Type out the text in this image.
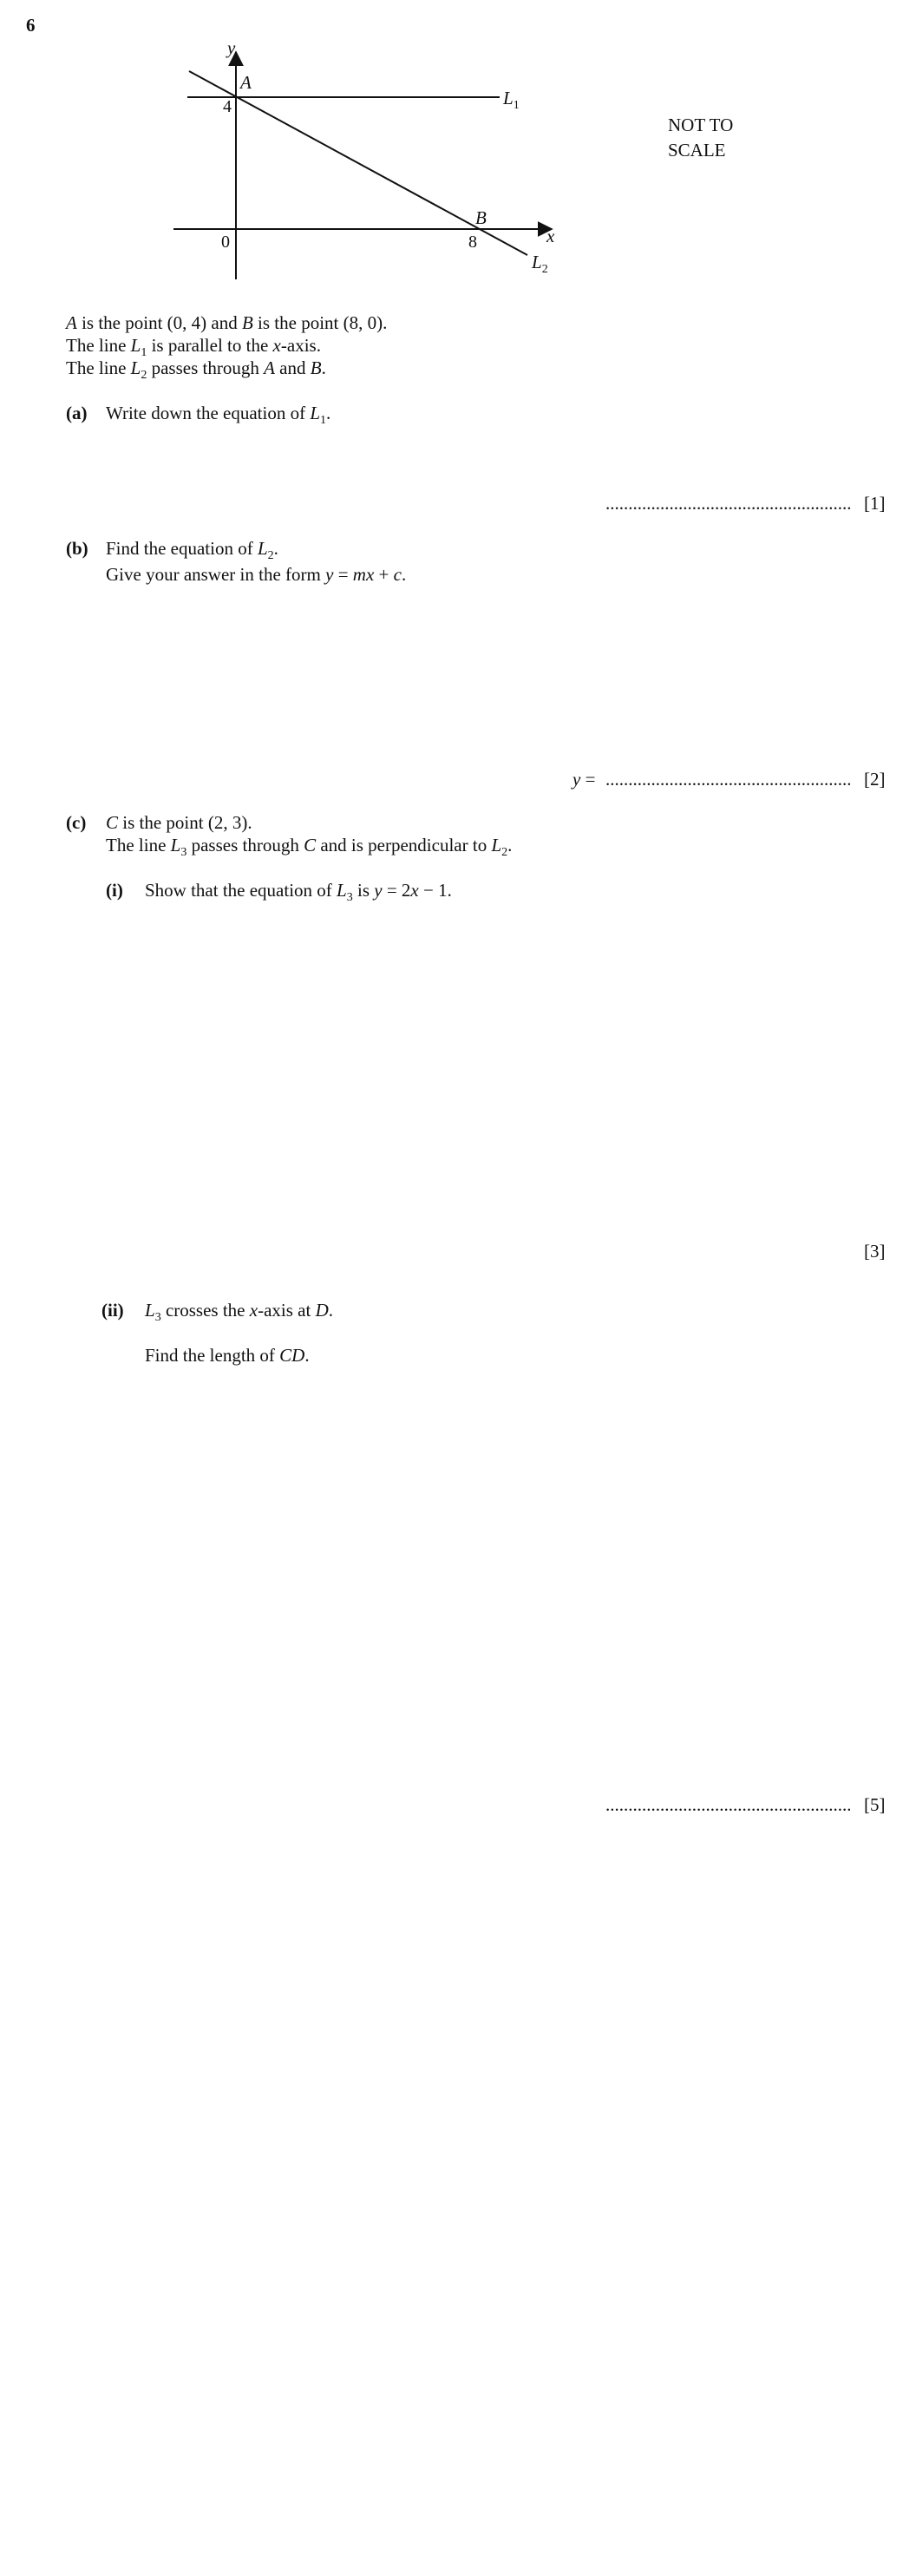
6
y
x
0
4
8
A
B
$L_1$
$L_2$
NOT TO
SCALE
A is the point (0, 4) and B is the point (8, 0).
The line $L_1$ is parallel to the x-axis.
The line $L_2$ passes through A and B.
(a) Write down the equation of $L_1$.
...................................................... [1]
(b) Find the equation of $L_2$.
Give your answer in the form y = mx + c.
y = ...................................................... [2]
(c) C is the point (2, 3).
The line $L_3$ passes through C and is perpendicular to $L_2$.
(i) Show that the equation of $L_3$ is y = 2x − 1.
[3]
(ii) $L_3$ crosses the x-axis at D.
Find the length of CD.
...................................................... [5]
